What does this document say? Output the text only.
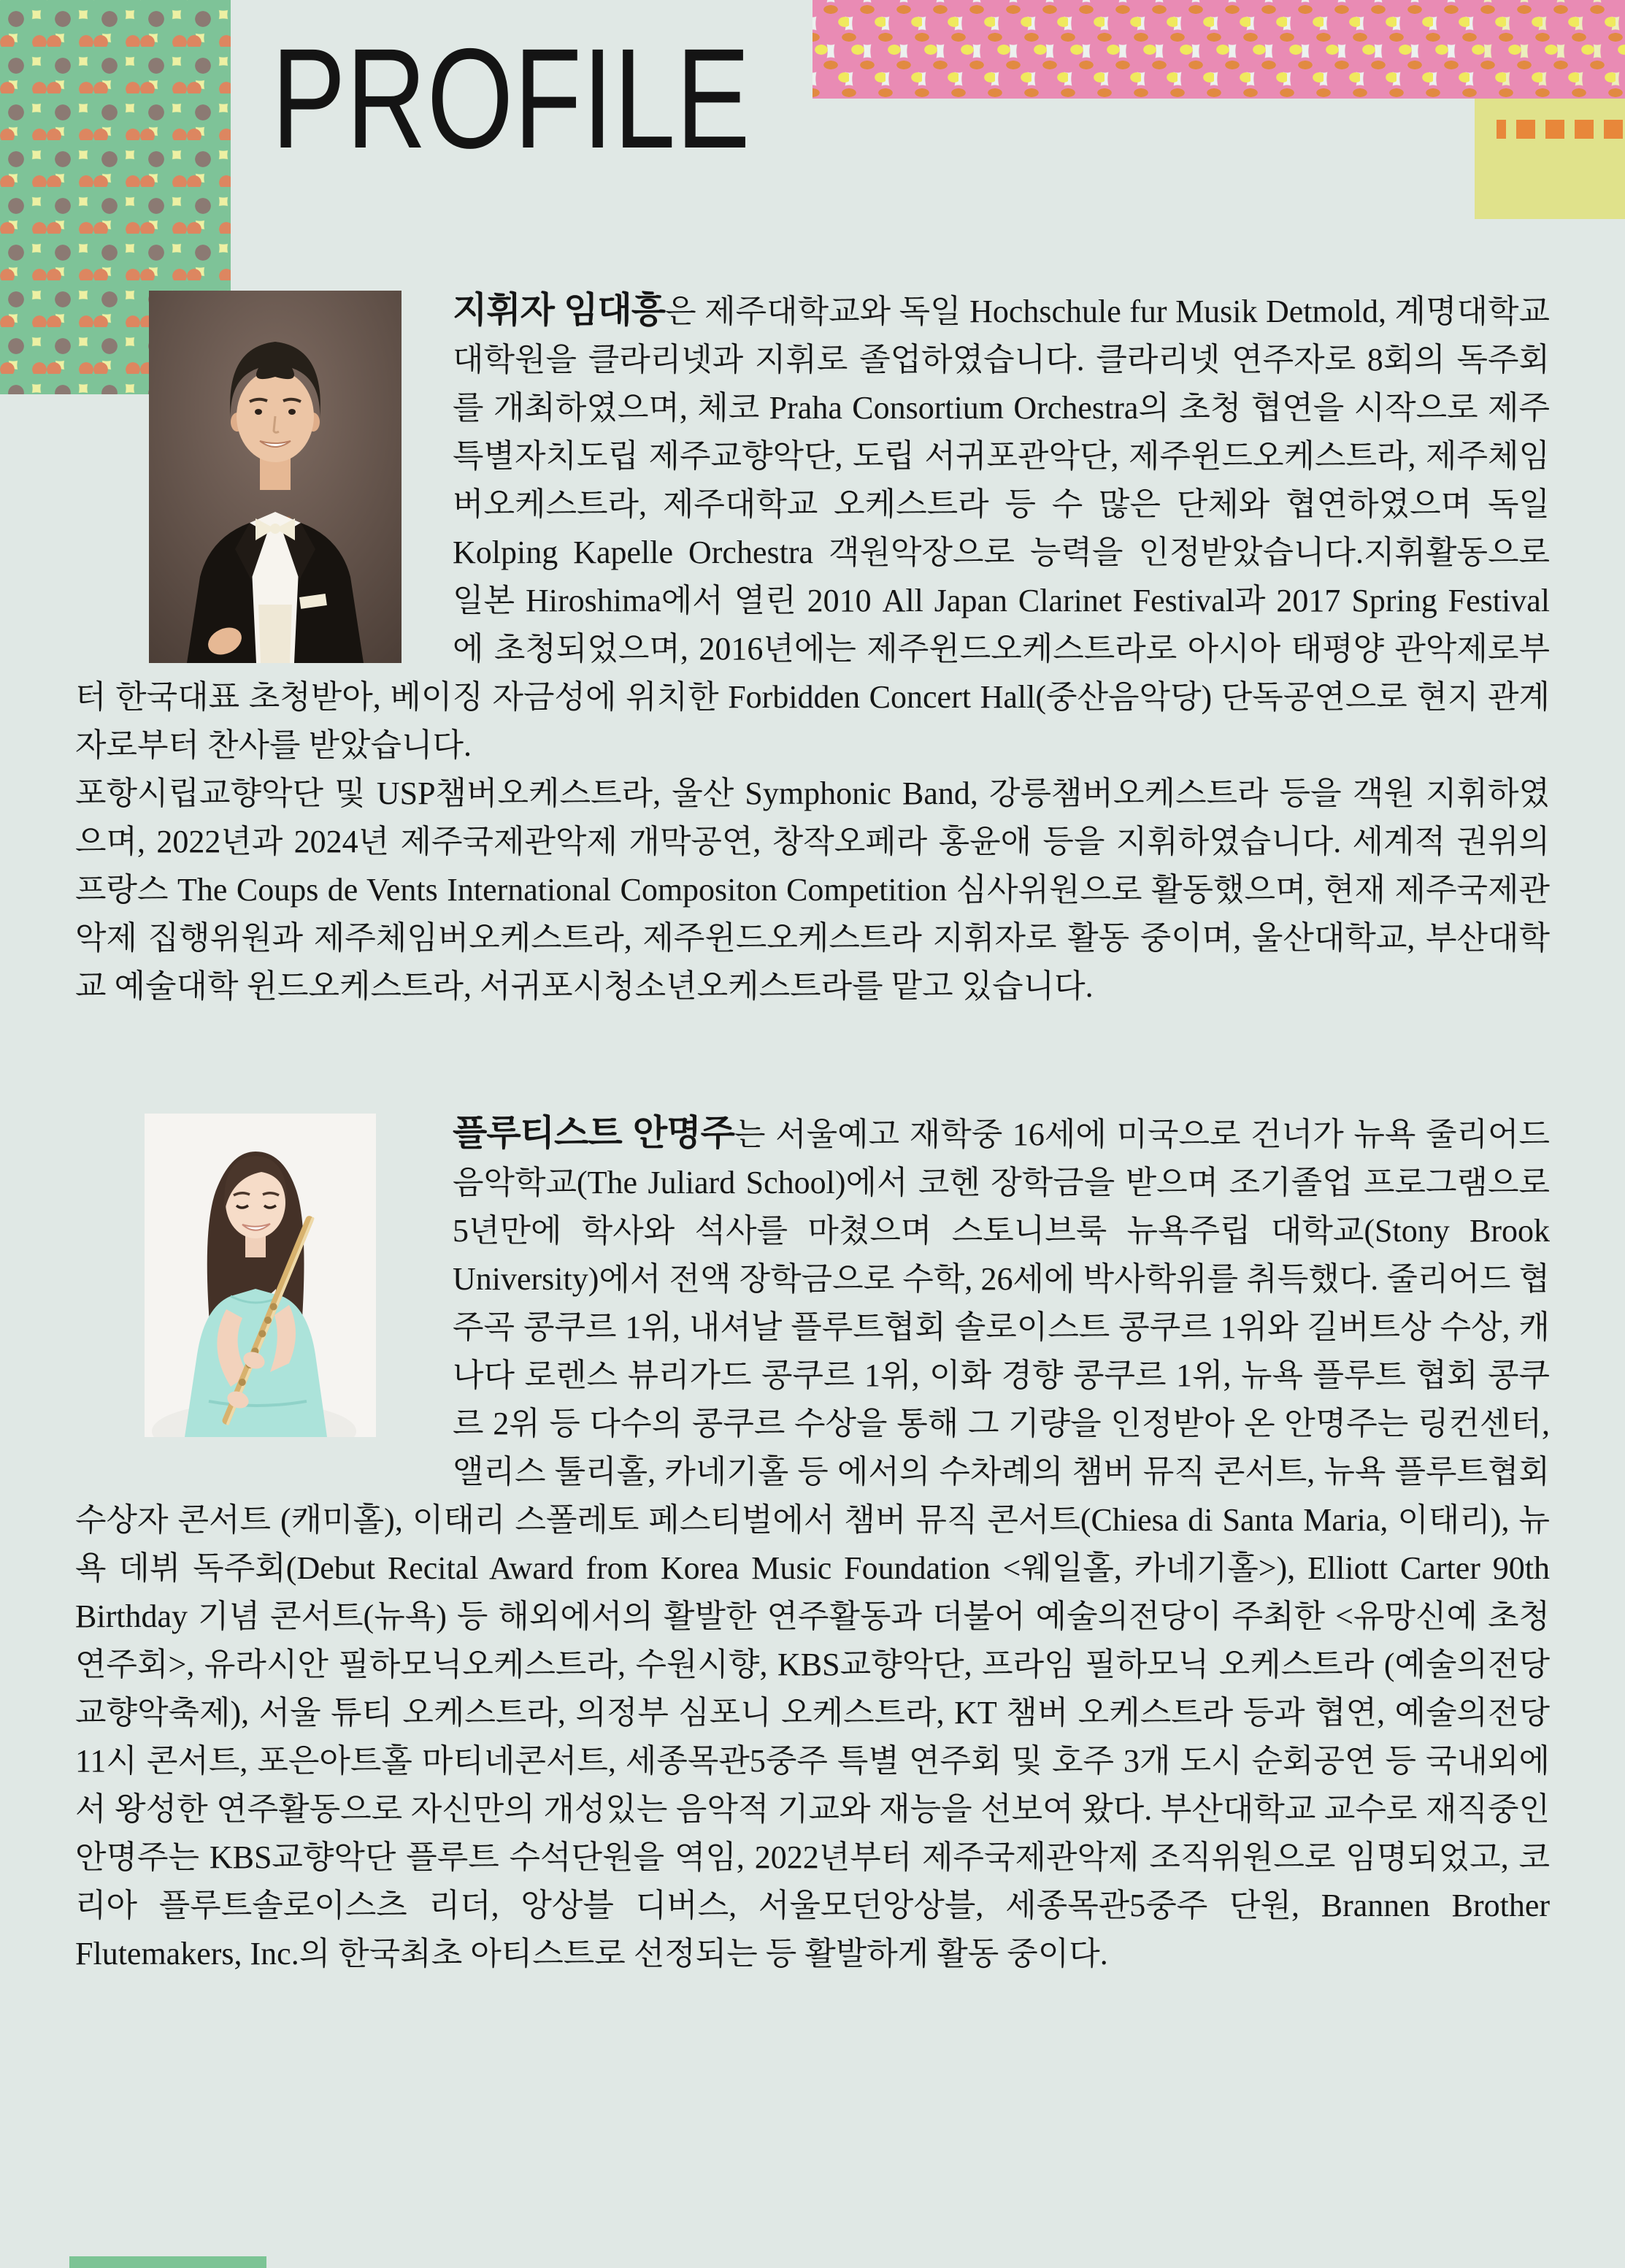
PROFILE

지휘자 임대흥은 제주대학교와 독일 Hochschule fur Musik Detmold, 계명대학교 대학원을 클라리넷과 지휘로 졸업하였습니다. 클라리넷 연주자로 8회의 독주회를 개최하였으며, 체코 Praha Consortium Orchestra의 초청 협연을 시작으로 제주특별자치도립 제주교향악단, 도립 서귀포관악단, 제주윈드오케스트라, 제주체임버오케스트라, 제주대학교 오케스트라 등 수 많은 단체와 협연하였으며 독일 Kolping Kapelle Orchestra 객원악장으로 능력을 인정받았습니다.지휘활동으로 일본 Hiroshima에서 열린 2010 All Japan Clarinet Festival과 2017 Spring Festival에 초청되었으며, 2016년에는 제주윈드오케스트라로 아시아 태평양 관악제로부터 한국대표 초청받아, 베이징 자금성에 위치한 Forbidden Concert Hall(중산음악당) 단독공연으로 현지 관계자로부터 찬사를 받았습니다.

포항시립교향악단 및 USP챔버오케스트라, 울산 Symphonic Band, 강릉챔버오케스트라 등을 객원 지휘하였으며, 2022년과 2024년 제주국제관악제 개막공연, 창작오페라 홍윤애 등을 지휘하였습니다. 세계적 권위의 프랑스 The Coups de Vents International Compositon Competition 심사위원으로 활동했으며, 현재 제주국제관악제 집행위원과 제주체임버오케스트라, 제주윈드오케스트라 지휘자로 활동 중이며, 울산대학교, 부산대학교 예술대학 윈드오케스트라, 서귀포시청소년오케스트라를 맡고 있습니다.

플루티스트 안명주는 서울예고 재학중 16세에 미국으로 건너가 뉴욕 줄리어드 음악학교(The Juliard School)에서 코헨 장학금을 받으며 조기졸업 프로그램으로 5년만에 학사와 석사를 마쳤으며 스토니브룩 뉴욕주립 대학교(Stony Brook University)에서 전액 장학금으로 수학, 26세에 박사학위를 취득했다. 줄리어드 협주곡 콩쿠르 1위, 내셔날 플루트협회 솔로이스트 콩쿠르 1위와 길버트상 수상, 캐나다 로렌스 뷰리가드 콩쿠르 1위, 이화 경향 콩쿠르 1위, 뉴욕 플루트 협회 콩쿠르 2위 등 다수의 콩쿠르 수상을 통해 그 기량을 인정받아 온 안명주는 링컨센터, 앨리스 툴리홀, 카네기홀 등 에서의 수차례의 챔버 뮤직 콘서트, 뉴욕 플루트협회 수상자 콘서트 (캐미홀), 이태리 스폴레토 페스티벌에서 챔버 뮤직 콘서트(Chiesa di Santa Maria, 이태리), 뉴욕 데뷔 독주회(Debut Recital Award from Korea Music Foundation <웨일홀, 카네기홀>), Elliott Carter 90th Birthday 기념 콘서트(뉴욕) 등 해외에서의 활발한 연주활동과 더불어 예술의전당이 주최한 <유망신예 초청 연주회>, 유라시안 필하모닉오케스트라, 수원시향, KBS교향악단, 프라임 필하모닉 오케스트라 (예술의전당 교향악축제), 서울 튜티 오케스트라, 의정부 심포니 오케스트라, KT 챔버 오케스트라 등과 협연, 예술의전당 11시 콘서트, 포은아트홀 마티네콘서트, 세종목관5중주 특별 연주회 및 호주 3개 도시 순회공연 등 국내외에서 왕성한 연주활동으로 자신만의 개성있는 음악적 기교와 재능을 선보여 왔다. 부산대학교 교수로 재직중인 안명주는 KBS교향악단 플루트 수석단원을 역임, 2022년부터 제주국제관악제 조직위원으로 임명되었고, 코리아 플루트솔로이스츠 리더, 앙상블 디버스, 서울모던앙상블, 세종목관5중주 단원, Brannen Brother Flutemakers, Inc.의 한국최초 아티스트로 선정되는 등 활발하게 활동 중이다.
